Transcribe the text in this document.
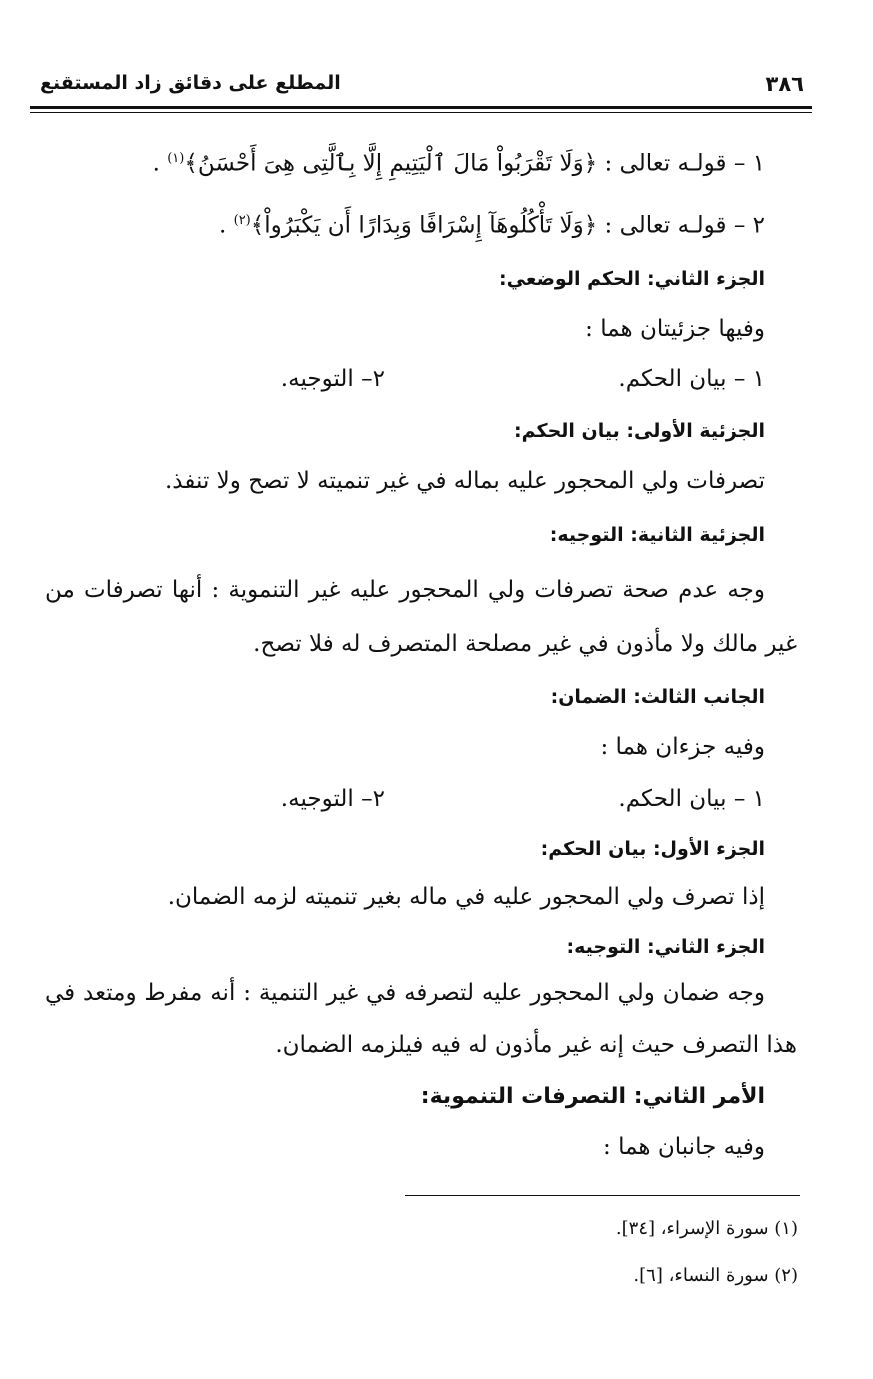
٣٨٦
المطلع على دقائق زاد المستقنع
١ – قولـه تعالى : ﴿وَلَا تَقْرَبُواْ مَالَ ٱلْيَتِيمِ إِلَّا بِٱلَّتِى هِىَ أَحْسَنُ﴾$^{(١)}$ .
٢ – قولـه تعالى : ﴿وَلَا تَأْكُلُوهَآ إِسْرَافًا وَبِدَارًا أَن يَكْبَرُواْ﴾$^{(٢)}$ .
الجزء الثاني: الحكم الوضعي:
وفيها جزئيتان هما :
١ – بيان الحكم.
٢– التوجيه.
الجزئية الأولى: بيان الحكم:
تصرفات ولي المحجور عليه بماله في غير تنميته لا تصح ولا تنفذ.
الجزئية الثانية: التوجيه:
وجه عدم صحة تصرفات ولي المحجور عليه غير التنموية : أنها تصرفات من
غير مالك ولا مأذون في غير مصلحة المتصرف له فلا تصح.
الجانب الثالث: الضمان:
وفيه جزءان هما :
١ – بيان الحكم.
٢– التوجيه.
الجزء الأول: بيان الحكم:
إذا تصرف ولي المحجور عليه في ماله بغير تنميته لزمه الضمان.
الجزء الثاني: التوجيه:
وجه ضمان ولي المحجور عليه لتصرفه في غير التنمية : أنه مفرط ومتعد في
هذا التصرف حيث إنه غير مأذون له فيه فيلزمه الضمان.
الأمر الثاني: التصرفات التنموية:
وفيه جانبان هما :
(١) سورة الإسراء، [٣٤].
(٢) سورة النساء، [٦].
